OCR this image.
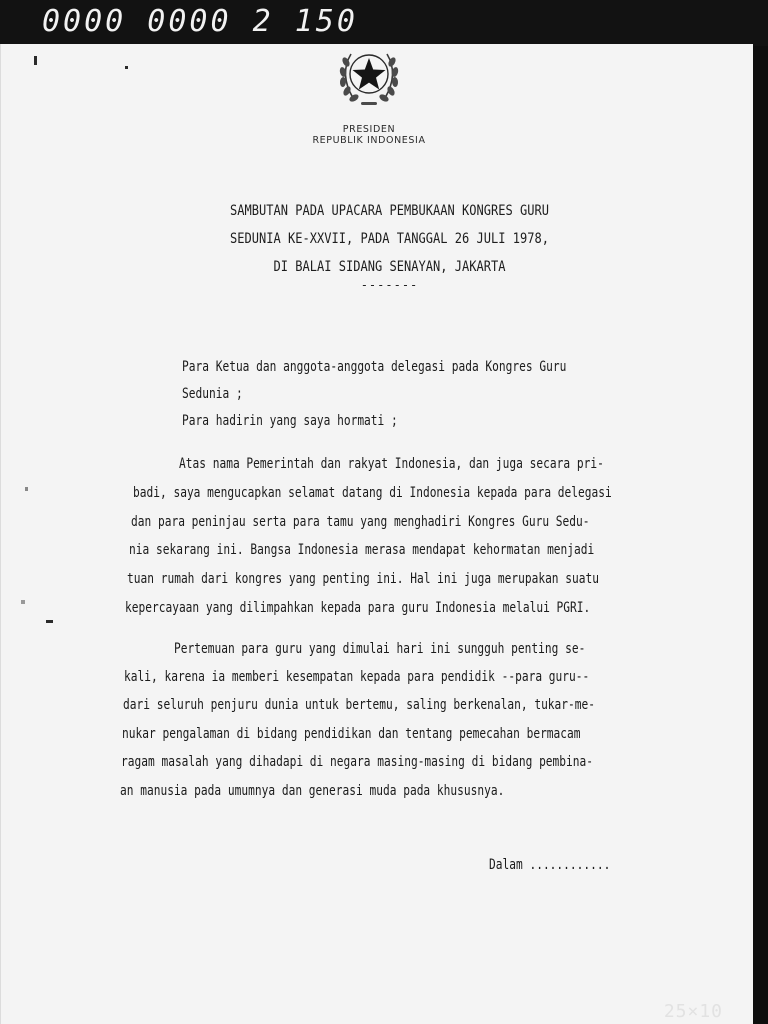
0000 0000 2 150
PRESIDEN
REPUBLIK INDONESIA
SAMBUTAN PADA UPACARA PEMBUKAAN KONGRES GURU
SEDUNIA KE-XXVII, PADA TANGGAL 26 JULI 1978,
DI BALAI SIDANG SENAYAN, JAKARTA
-------
Para Ketua dan anggota-anggota delegasi pada Kongres Guru
Sedunia ;
Para hadirin yang saya hormati ;
Atas nama Pemerintah dan rakyat Indonesia, dan juga secara pri-
badi, saya mengucapkan selamat datang di Indonesia kepada para delegasi
dan para peninjau serta para tamu yang menghadiri Kongres Guru Sedu-
nia sekarang ini. Bangsa Indonesia merasa mendapat kehormatan menjadi
tuan rumah dari kongres yang penting ini. Hal ini juga merupakan suatu
kepercayaan yang dilimpahkan kepada para guru Indonesia melalui PGRI.
Pertemuan para guru yang dimulai hari ini sungguh penting se-
kali, karena ia memberi kesempatan kepada para pendidik --para guru--
dari seluruh penjuru dunia untuk bertemu, saling berkenalan, tukar-me-
nukar pengalaman di bidang pendidikan dan tentang pemecahan bermacam
ragam masalah yang dihadapi di negara masing-masing di bidang pembina-
an manusia pada umumnya dan generasi muda pada khususnya.
Dalam ............
25×10
